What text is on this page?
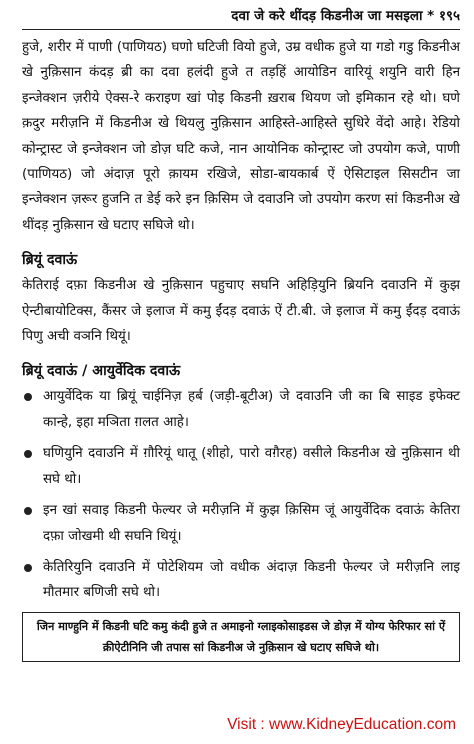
दवा जे करे थींदड़ किडनीअ जा मसइला * १९५

हुजे, शरीर में पाणी (पाणियठ) घणो घटिजी वियो हुजे, उम्र वधीक हुजे या गडो गडु किडनीअ खे नुक़िसान कंदड़ ब्री का दवा हलंदी हुजे त तड़हिं आयोडिन वारियूं शयुनि वारी हिन इन्जेक्शन ज़रीये ऐक्स-रे कराइण खां पोइ किडनी ख़राब थियण जो इमिकान रहे थो। घणे क़दुर मरीज़नि में किडनीअ खे थियलु नुक़िसान आहिस्ते-आहिस्ते सुधिरे वेंदो आहे। रेडियो कोन्ट्रास्ट जे इन्जेक्शन जो डोज़ घटि कजे, नान आयोनिक कोन्ट्रास्ट जो उपयोग कजे, पाणी (पाणियठ) जो अंदाज़ पूरो क़ायम रखिजे, सोडा-बायकार्ब ऐं ऐसिटाइल सिसटीन जा इन्जेक्शन ज़रूर हुजनि त डेई करे इन क़िसिम जे दवाउनि जो उपयोग करण सां किडनीअ खे थींदड़ नुक़िसान खे घटाए सघिजे थो।

ब्रियूं दवाऊं

केतिराई दफ़ा किडनीअ खे नुक़िसान पहुचाए सघनि अहिड़ियुनि ब्रियनि दवाउनि में कुझ ऐन्टीबायोटिक्स, कैंसर जे इलाज में कमु ईंदड़ दवाऊं ऐं टी.बी. जे इलाज में कमु ईंदड़ दवाऊं पिणु अची वञनि थियूं।

ब्रियूं दवाऊं / आयुर्वेदिक दवाऊं
आयुर्वेदिक या ब्रियूं चाईनिज़ हर्ब (जड़ी-बूटीअ) जे दवाउनि जी का बि साइड इफेक्ट कान्हे, इहा मञिता ग़लत आहे।
घणियुनि दवाउनि में ग़ौरियूं धातू (शीहो, पारो वग़ैरह) वसीले किडनीअ खे नुक़िसान थी सघे थो।
इन खां सवाइ किडनी फेल्यर जे मरीज़नि में कुझ क़िसिम जूं आयुर्वेदिक दवाऊं केतिरा दफ़ा जोखमी थी सघनि थियूं।
केतिरियुनि दवाउनि में पोटेशियम जो वधीक अंदाज़ किडनी फेल्यर जे मरीज़नि लाइ मौतमार बणिजी सघे थो।
जिन माण्हुनि में किडनी घटि कमु कंदी हुजे त अमाइनो ग्लाइकोसाइडस जे डोज़ में योग्य फेरिफार सां ऐं क्रीऐटीनिनि जी तपास सां किडनीअ जे नुक़िसान खे घटाए सघिजे थो।
Visit : www.KidneyEducation.com
